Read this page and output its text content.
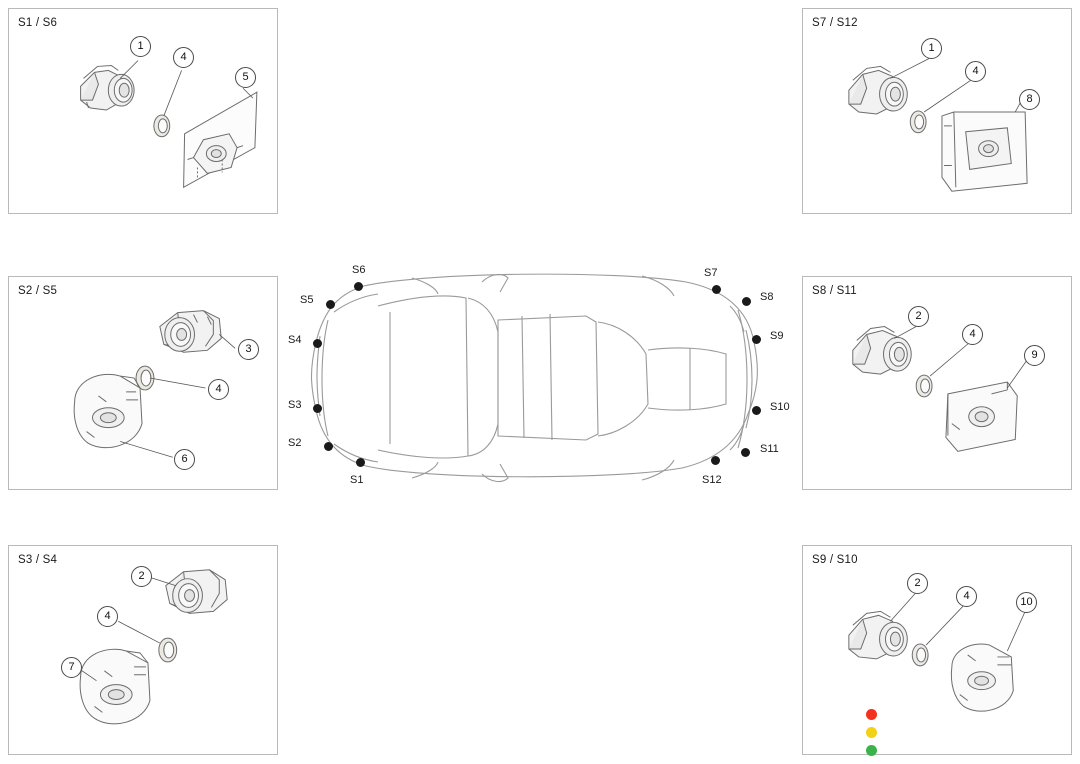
S1 / S6
1
4
5
S2 / S5
3
4
6
S3 / S4
2
4
7
S7 / S12
1
4
8
S8 / S11
2
4
9
S9 / S10
2
4	10
S6
S5
S4
S3
S2
S1
S7
S8
S9
S10
S11
S12
